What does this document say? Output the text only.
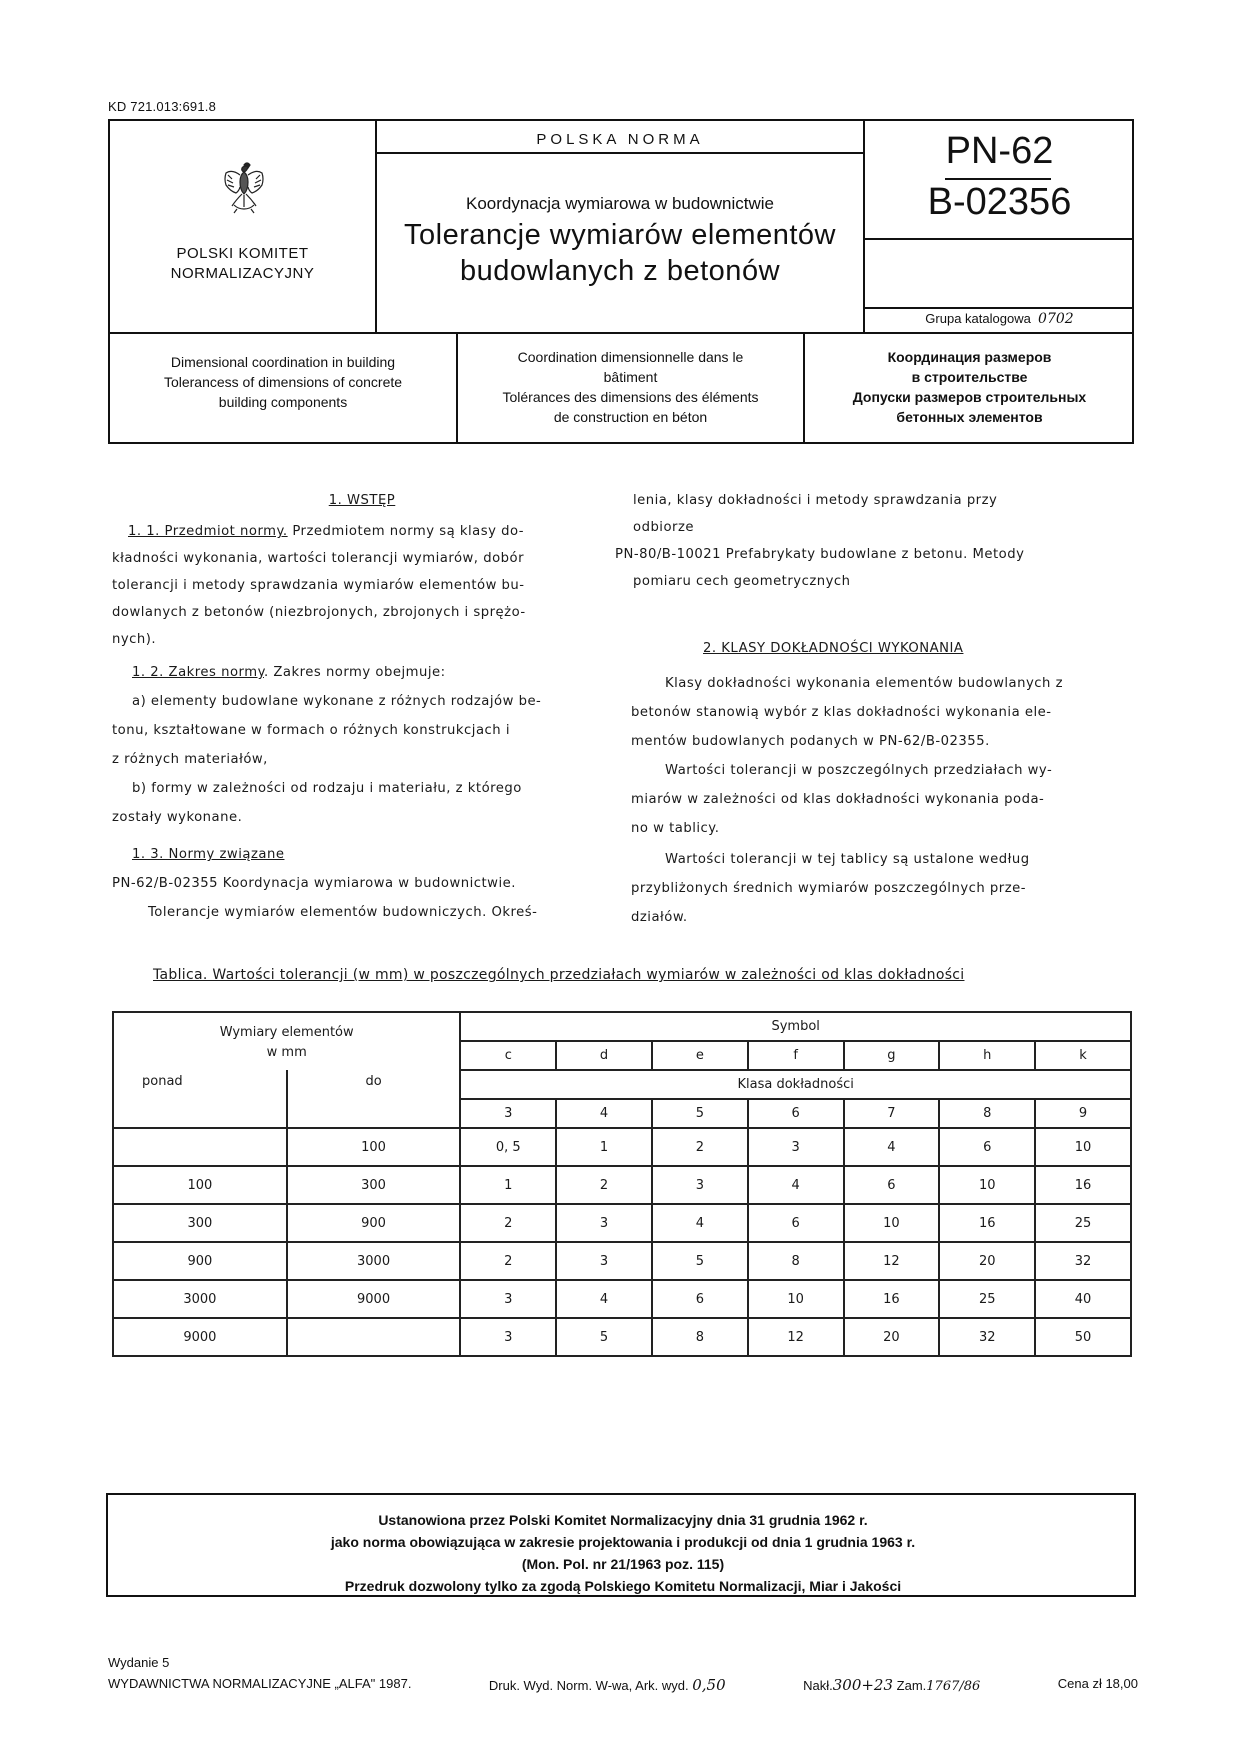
KD 721.013:691.8
POLSKI KOMITET
NORMALIZACYJNY
POLSKA NORMA
Koordynacja wymiarowa w budownictwie
Tolerancje wymiarów elementów
budowlanych z betonów
PN-62
B-02356
Grupa katalogowa 0702
Dimensional coordination in building
Tolerancess of dimensions of concrete
building components
Coordination dimensionnelle dans le
bâtiment
Tolérances des dimensions des éléments
de construction en béton
Координация размеров
в строительстве
Допуски размеров строительных
бетонных элементов
1. WSTĘP
1. 1. Przedmiot normy. Przedmiotem normy są klasy do-
kładności wykonania, wartości tolerancji wymiarów, dobór
tolerancji i metody sprawdzania wymiarów elementów bu-
dowlanych z betonów (niezbrojonych, zbrojonych i sprężo-
nych).
1. 2. Zakres normy. Zakres normy obejmuje:
a) elementy budowlane wykonane z różnych rodzajów be-
tonu, kształtowane w formach o różnych konstrukcjach i
z różnych materiałów,
b) formy w zależności od rodzaju i materiału, z którego
zostały wykonane.
1. 3. Normy związane
PN-62/B-02355 Koordynacja wymiarowa w budownictwie.
Tolerancje wymiarów elementów budowniczych. Okreś-
lenia, klasy dokładności i metody sprawdzania przy
odbiorze
PN-80/B-10021 Prefabrykaty budowlane z betonu. Metody
pomiaru cech geometrycznych
2. KLASY DOKŁADNOŚCI WYKONANIA
Klasy dokładności wykonania elementów budowlanych z
betonów stanowią wybór z klas dokładności wykonania ele-
mentów budowlanych podanych w PN-62/B-02355.
Wartości tolerancji w poszczególnych przedziałach wy-
miarów w zależności od klas dokładności wykonania poda-
no w tablicy.
Wartości tolerancji w tej tablicy są ustalone według
przybliżonych średnich wymiarów poszczególnych prze-
działów.
Tablica. Wartości tolerancji (w mm) w poszczególnych przedziałach wymiarów w zależności od klas dokładności
Wymiary elementów
w mm		Symbol						
		c	d	e	f	g	h	k
ponad	do	Klasa dokładności						
		3	4	5	6	7	8	9
	100	0, 5	1	2	3	4	6	10
100	300	1	2	3	4	6	10	16
300	900	2	3	4	6	10	16	25
900	3000	2	3	5	8	12	20	32
3000	9000	3	4	6	10	16	25	40
9000		3	5	8	12	20	32	50
Ustanowiona przez Polski Komitet Normalizacyjny dnia 31 grudnia 1962 r.
jako norma obowiązująca w zakresie projektowania i produkcji od dnia 1 grudnia 1963 r.
(Mon. Pol. nr 21/1963 poz. 115)
Przedruk dozwolony tylko za zgodą Polskiego Komitetu Normalizacji, Miar i Jakości
Wydanie 5
WYDAWNICTWA NORMALIZACYJNE „ALFA" 1987.	Druk. Wyd. Norm. W-wa, Ark. wyd. 0,50	Nakł.300+23 Zam.1767/86	Cena zł 18,00
